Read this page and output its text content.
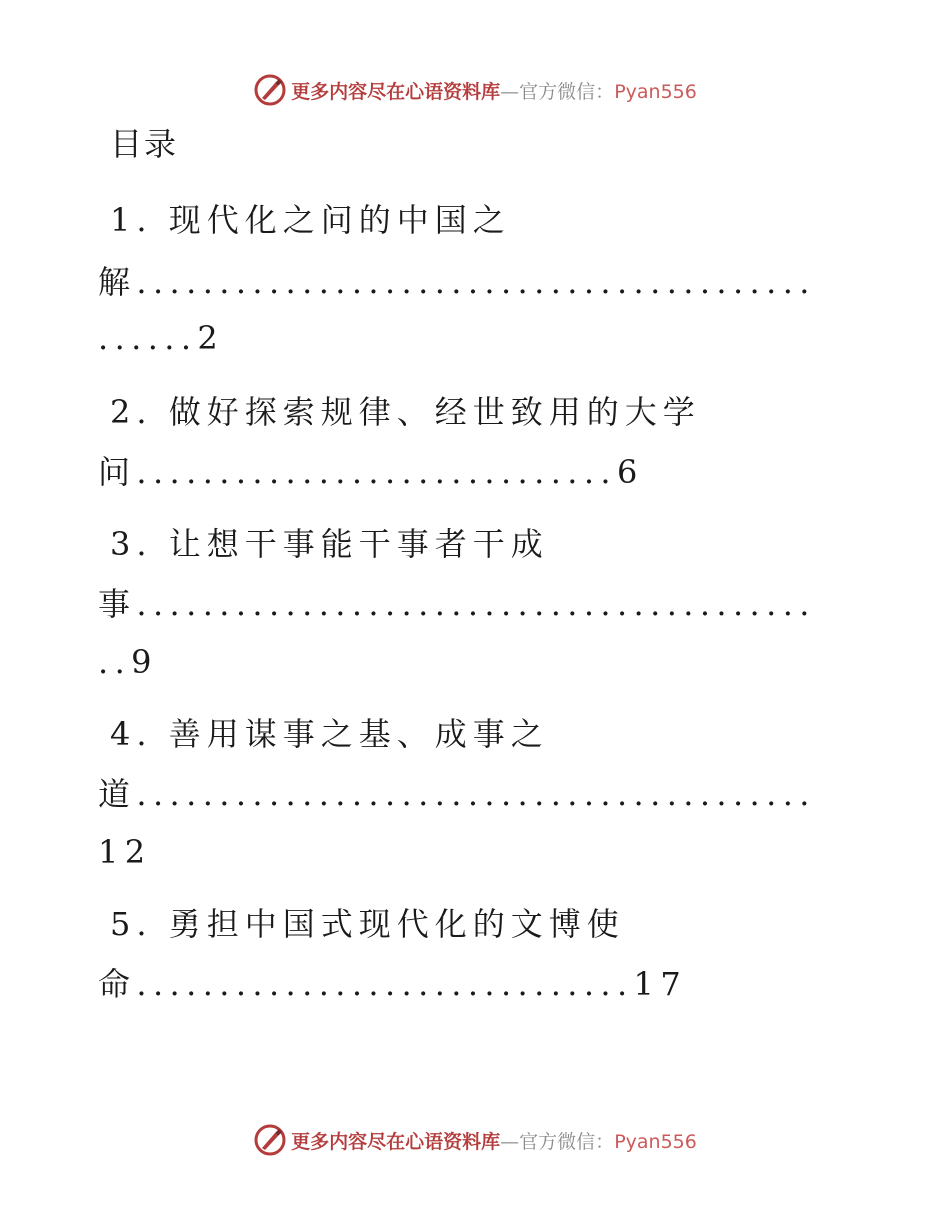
更多内容尽在心语资料库—官方微信：Pyan556
目录
1. 现代化之问的中国之
解.........................................
......2
2. 做好探索规律、经世致用的大学
问.............................6
3. 让想干事能干事者干成
事.........................................
..9
4. 善用谋事之基、成事之
道.........................................
12
5. 勇担中国式现代化的文博使
命..............................17
更多内容尽在心语资料库—官方微信：Pyan556
